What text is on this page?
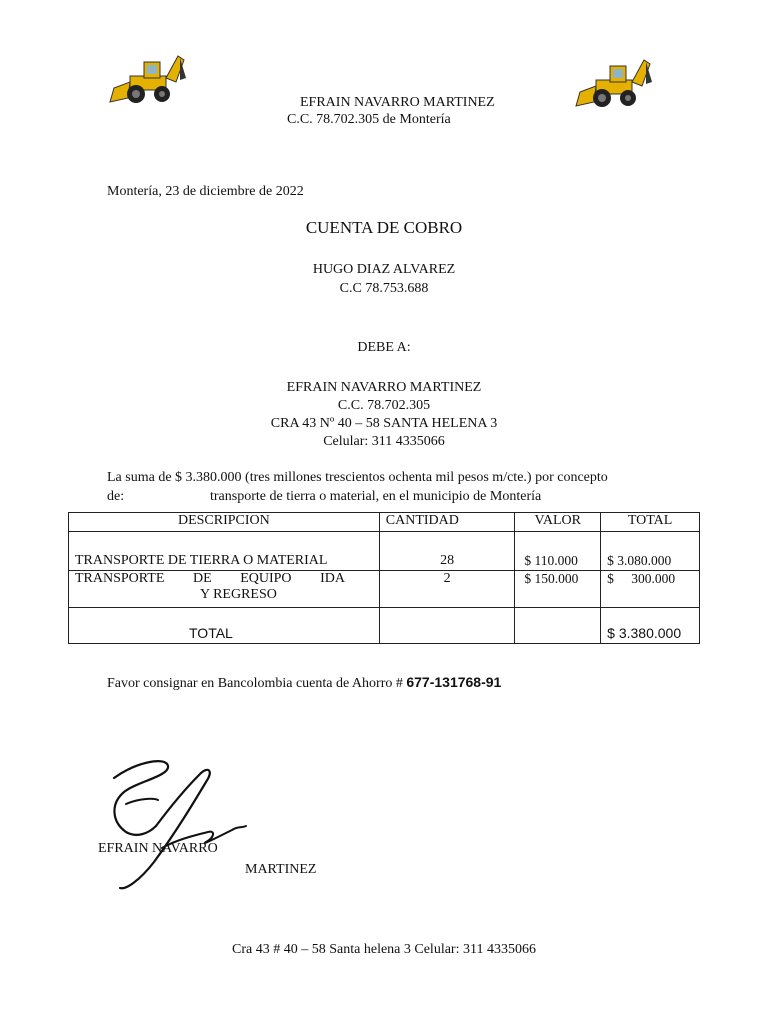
EFRAIN NAVARRO MARTINEZ
C.C. 78.702.305 de Montería
Montería, 23 de diciembre de 2022
CUENTA DE COBRO
HUGO DIAZ ALVAREZ
C.C 78.753.688
DEBE A:
EFRAIN NAVARRO MARTINEZ
C.C. 78.702.305
CRA 43 Nº 40 – 58 SANTA HELENA 3
Celular: 311 4335066
La suma de $ 3.380.000 (tres millones trescientos ochenta mil pesos m/cte.) por concepto
de:	transporte de tierra o material, en el municipio de Montería
DESCRIPCION	CANTIDAD	VALOR	TOTAL
TRANSPORTE DE TIERRA O MATERIAL	28	$ 110.000	$ 3.080.000

TRANSPORTE DE EQUIPO IDA
Y REGRESO	2	$ 150.000	$ 300.000
TOTAL			$ 3.380.000
Favor consignar en Bancolombia cuenta de Ahorro # 677-131768-91
EFRAIN NAVARRO
MARTINEZ
Cra 43 # 40 – 58 Santa helena 3 Celular: 311 4335066
